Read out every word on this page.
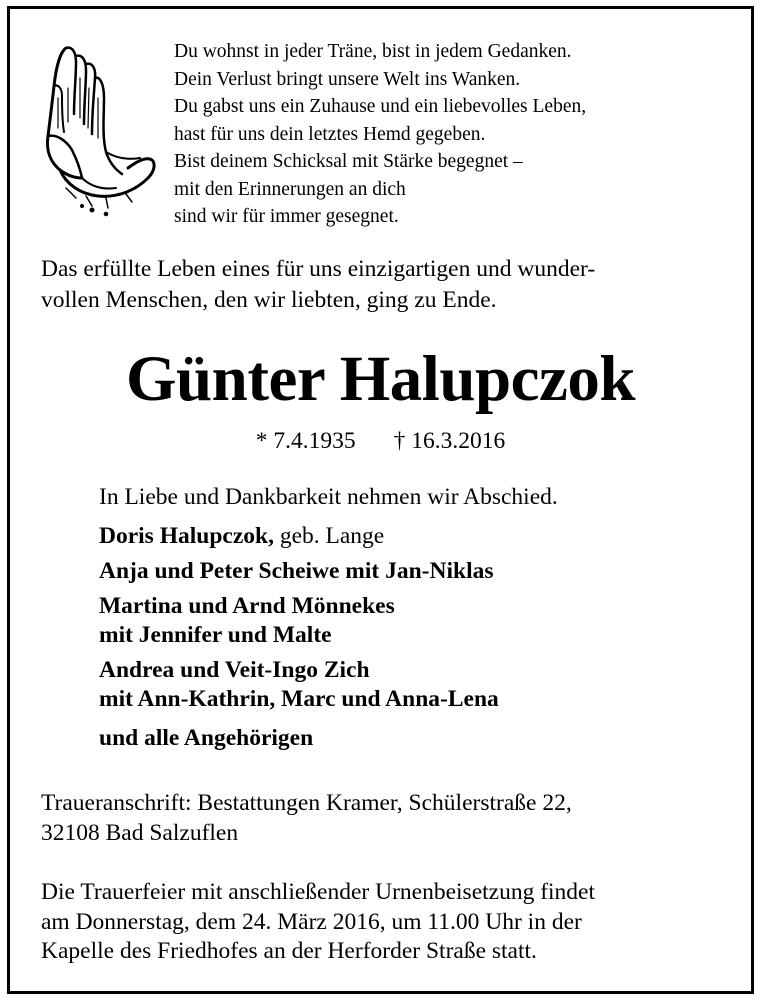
Du wohnst in jeder Träne, bist in jedem Gedanken.
Dein Verlust bringt unsere Welt ins Wanken.
Du gabst uns ein Zuhause und ein liebevolles Leben,
hast für uns dein letztes Hemd gegeben.
Bist deinem Schicksal mit Stärke begegnet –
mit den Erinnerungen an dich
sind wir für immer gesegnet.
Das erfüllte Leben eines für uns einzigartigen und wunder-
vollen Menschen, den wir liebten, ging zu Ende.
Günter Halupczok
* 7.4.1935 † 16.3.2016
In Liebe und Dankbarkeit nehmen wir Abschied.
Doris Halupczok, geb. Lange
Anja und Peter Scheiwe mit Jan-Niklas
Martina und Arnd Mönnekes
mit Jennifer und Malte
Andrea und Veit-Ingo Zich
mit Ann-Kathrin, Marc und Anna-Lena
und alle Angehörigen
Traueranschrift: Bestattungen Kramer, Schülerstraße 22,
32108 Bad Salzuflen
Die Trauerfeier mit anschließender Urnenbeisetzung findet
am Donnerstag, dem 24. März 2016, um 11.00 Uhr in der
Kapelle des Friedhofes an der Herforder Straße statt.
